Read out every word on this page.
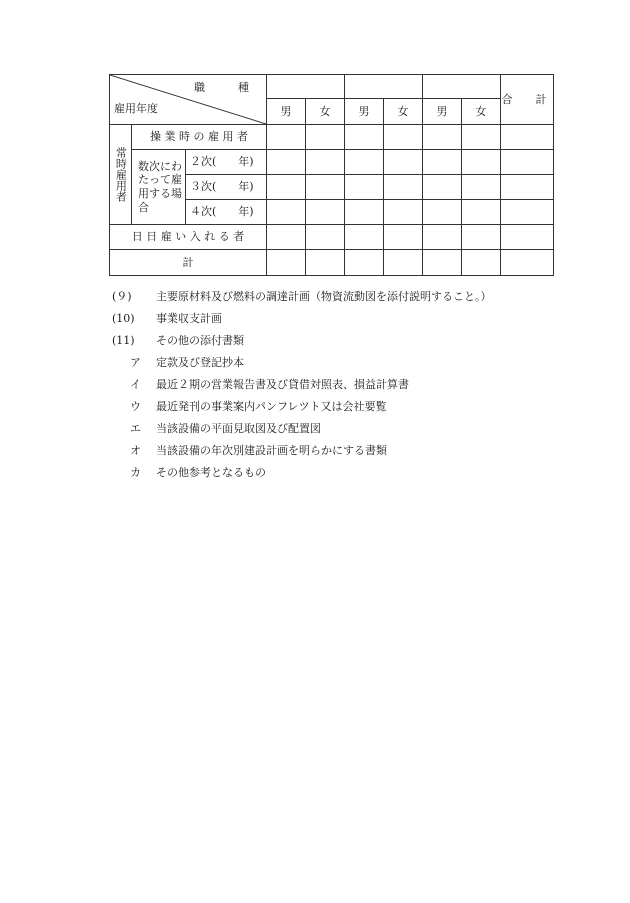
職　種
雇用年度									合　計
			男	女	男	女	男	女	

常時雇用者	操 業 時 の 雇 用 者								
	数次にわたって雇用する場合	２次(　　年)							
		３次(　　年)							
		４次(　　年)							
日 日 雇 い 入 れ る 者									
計									
(９) 主要原材料及び燃料の調達計画（物資流動図を添付説明すること。）
(10) 事業収支計画
(11) その他の添付書類
ア 定款及び登記抄本
イ 最近２期の営業報告書及び貸借対照表、損益計算書
ウ 最近発刊の事業案内パンフレツト又は会社要覧
エ 当該設備の平面見取図及び配置図
オ 当該設備の年次別建設計画を明らかにする書類
カ その他参考となるもの
